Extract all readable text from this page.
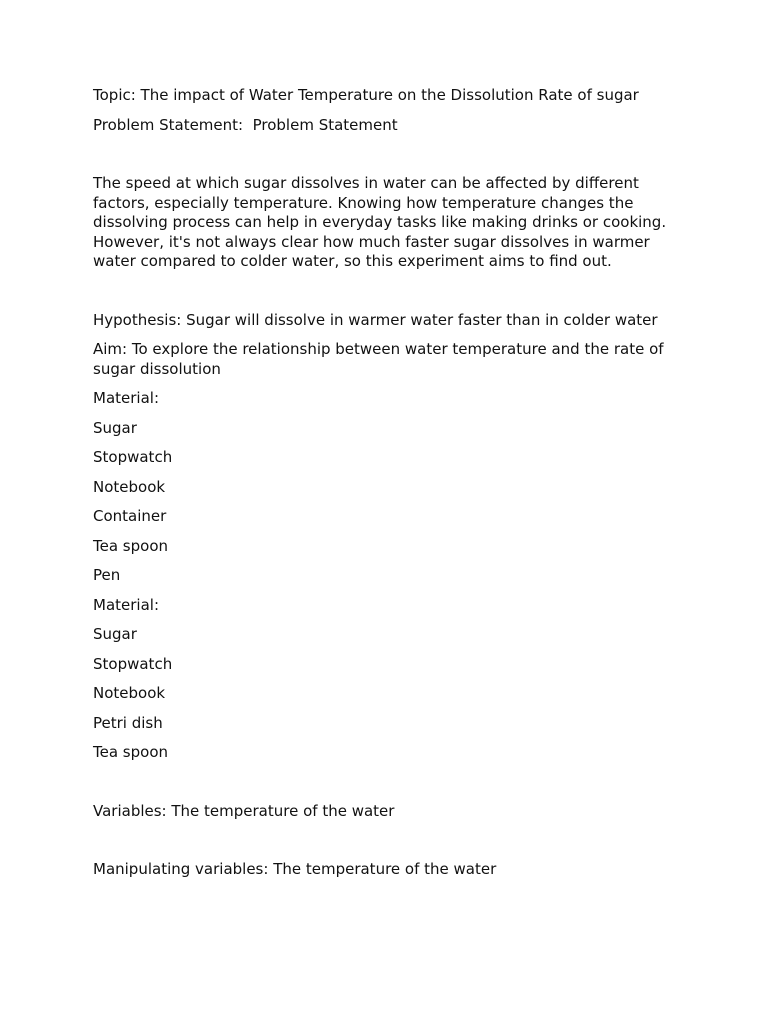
Topic: The impact of Water Temperature on the Dissolution Rate of sugar

Problem Statement:  Problem Statement

The speed at which sugar dissolves in water can be affected by different factors, especially temperature. Knowing how temperature changes the dissolving process can help in everyday tasks like making drinks or cooking. However, it's not always clear how much faster sugar dissolves in warmer water compared to colder water, so this experiment aims to find out.

Hypothesis: Sugar will dissolve in warmer water faster than in colder water

Aim: To explore the relationship between water temperature and the rate of sugar dissolution

Material:

Sugar

Stopwatch

Notebook

Container

Tea spoon

Pen

Material:

Sugar

Stopwatch

Notebook

Petri dish

Tea spoon

Variables: The temperature of the water

Manipulating variables: The temperature of the water
